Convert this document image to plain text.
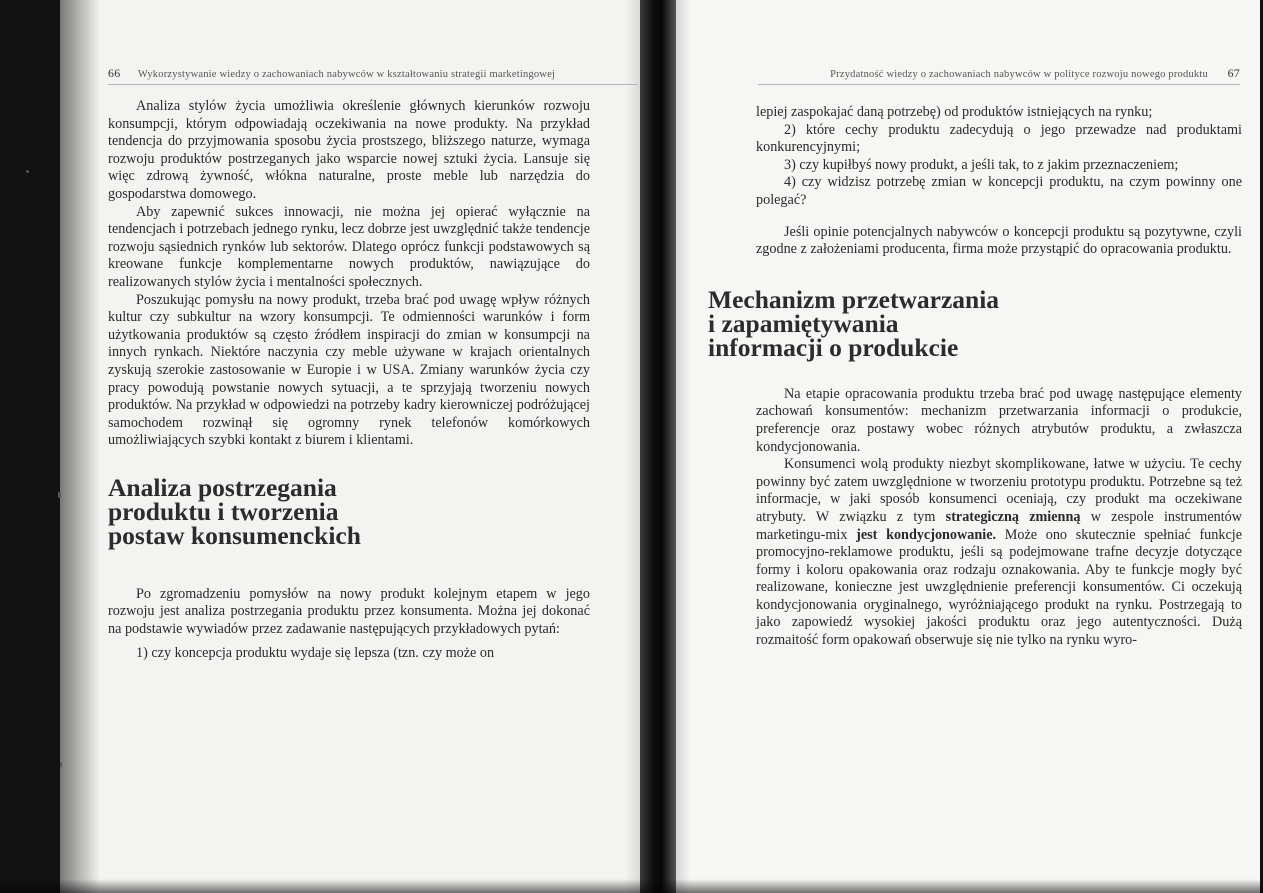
66 Wykorzystywanie wiedzy o zachowaniach nabywców w kształtowaniu strategii marketingowej

Analiza stylów życia umożliwia określenie głównych kierunków rozwoju konsumpcji, którym odpowiadają oczekiwania na nowe produkty. Na przykład tendencja do przyjmowania sposobu życia prostszego, bliższego naturze, wymaga rozwoju produktów postrzeganych jako wsparcie nowej sztuki życia. Lansuje się więc zdrową żywność, włókna naturalne, proste meble lub narzędzia do gospodarstwa domowego.

Aby zapewnić sukces innowacji, nie można jej opierać wyłącznie na tendencjach i potrzebach jednego rynku, lecz dobrze jest uwzględnić także tendencje rozwoju sąsiednich rynków lub sektorów. Dlatego oprócz funkcji podstawowych są kreowane funkcje komplementarne nowych produktów, nawiązujące do realizowanych stylów życia i mentalności społecznych.

Poszukując pomysłu na nowy produkt, trzeba brać pod uwagę wpływ różnych kultur czy subkultur na wzory konsumpcji. Te odmienności warunków i form użytkowania produktów są często źródłem inspiracji do zmian w konsumpcji na innych rynkach. Niektóre naczynia czy meble używane w krajach orientalnych zyskują szerokie zastosowanie w Europie i w USA. Zmiany warunków życia czy pracy powodują powstanie nowych sytuacji, a te sprzyjają tworzeniu nowych produktów. Na przykład w odpowiedzi na potrzeby kadry kierowniczej podróżującej samochodem rozwinął się ogromny rynek telefonów komórkowych umożliwiających szybki kontakt z biurem i klientami.

Analiza postrzegania
produktu i tworzenia
postaw konsumenckich

Po zgromadzeniu pomysłów na nowy produkt kolejnym etapem w jego rozwoju jest analiza postrzegania produktu przez konsumenta. Można jej dokonać na podstawie wywiadów przez zadawanie następujących przykładowych pytań:

1) czy koncepcja produktu wydaje się lepsza (tzn. czy może on

Przydatność wiedzy o zachowaniach nabywców w polityce rozwoju nowego produktu 67

lepiej zaspokajać daną potrzebę) od produktów istniejących na rynku;

2) które cechy produktu zadecydują o jego przewadze nad produktami konkurencyjnymi;

3) czy kupiłbyś nowy produkt, a jeśli tak, to z jakim przeznaczeniem;

4) czy widzisz potrzebę zmian w koncepcji produktu, na czym powinny one polegać?

Jeśli opinie potencjalnych nabywców o koncepcji produktu są pozytywne, czyli zgodne z założeniami producenta, firma może przystąpić do opracowania produktu.

Mechanizm przetwarzania
i zapamiętywania
informacji o produkcie

Na etapie opracowania produktu trzeba brać pod uwagę następujące elementy zachowań konsumentów: mechanizm przetwarzania informacji o produkcie, preferencje oraz postawy wobec różnych atrybutów produktu, a zwłaszcza kondycjonowania.

Konsumenci wolą produkty niezbyt skomplikowane, łatwe w użyciu. Te cechy powinny być zatem uwzględnione w tworzeniu prototypu produktu. Potrzebne są też informacje, w jaki sposób konsumenci oceniają, czy produkt ma oczekiwane atrybuty. W związku z tym strategiczną zmienną w zespole instrumentów marketingu-mix jest kondycjonowanie. Może ono skutecznie spełniać funkcje promocyjno-reklamowe produktu, jeśli są podejmowane trafne decyzje dotyczące formy i koloru opakowania oraz rodzaju oznakowania. Aby te funkcje mogły być realizowane, konieczne jest uwzględnienie preferencji konsumentów. Ci oczekują kondycjonowania oryginalnego, wyróżniającego produkt na rynku. Postrzegają to jako zapowiedź wysokiej jakości produktu oraz jego autentyczności. Dużą rozmaitość form opakowań obserwuje się nie tylko na rynku wyro-
